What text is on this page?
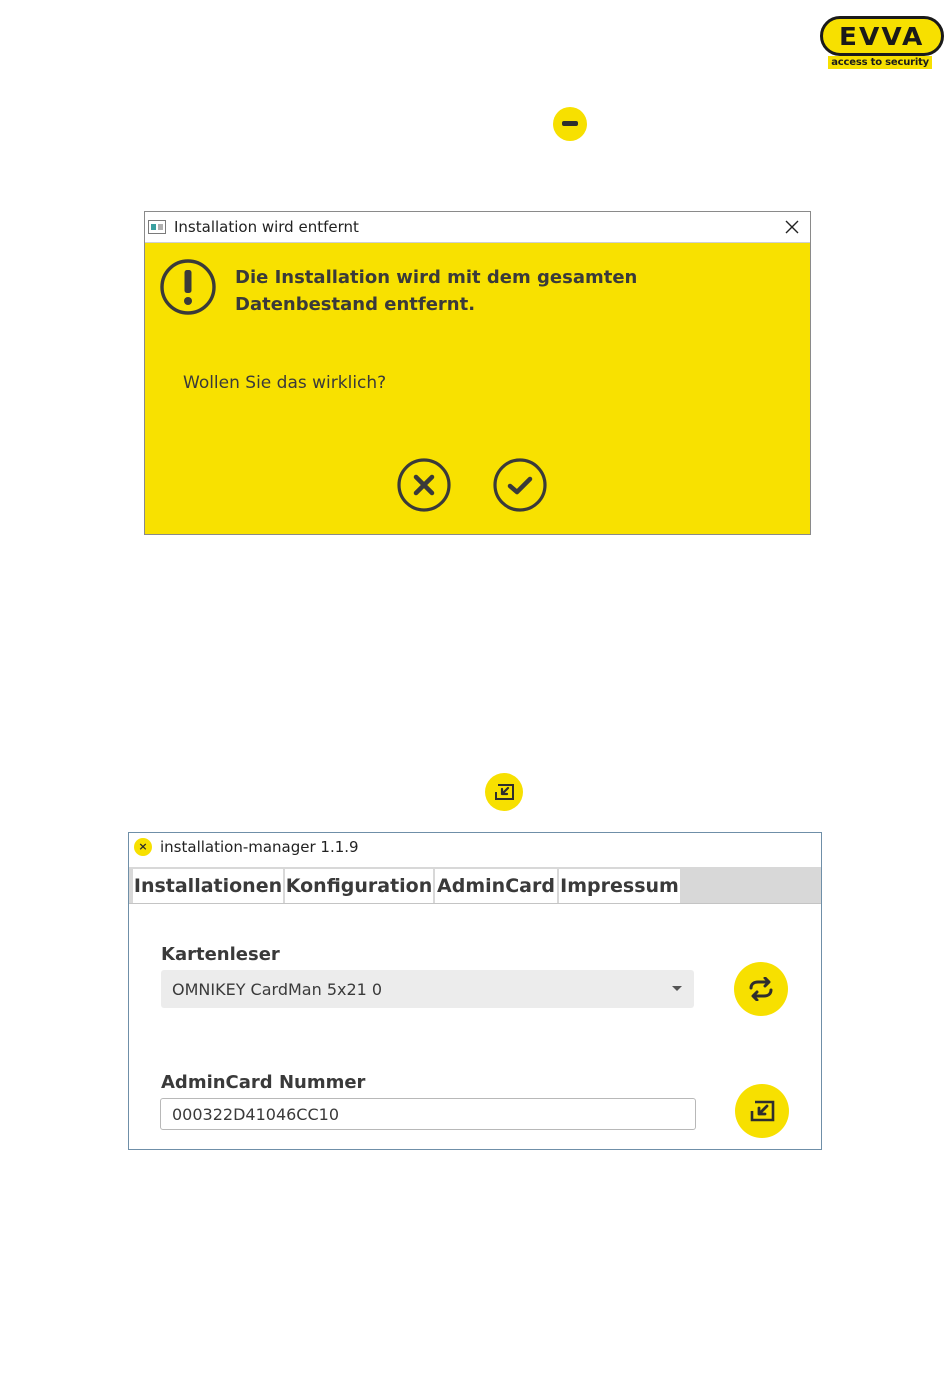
EVVA
access to security
Installation wird entfernt
Die Installation wird mit dem gesamten Datenbestand entfernt.
Wollen Sie das wirklich?
× installation-manager 1.1.9
Installationen Konfiguration AdminCard Impressum
Kartenleser
OMNIKEY CardMan 5x21 0
AdminCard Nummer
000322D41046CC10
